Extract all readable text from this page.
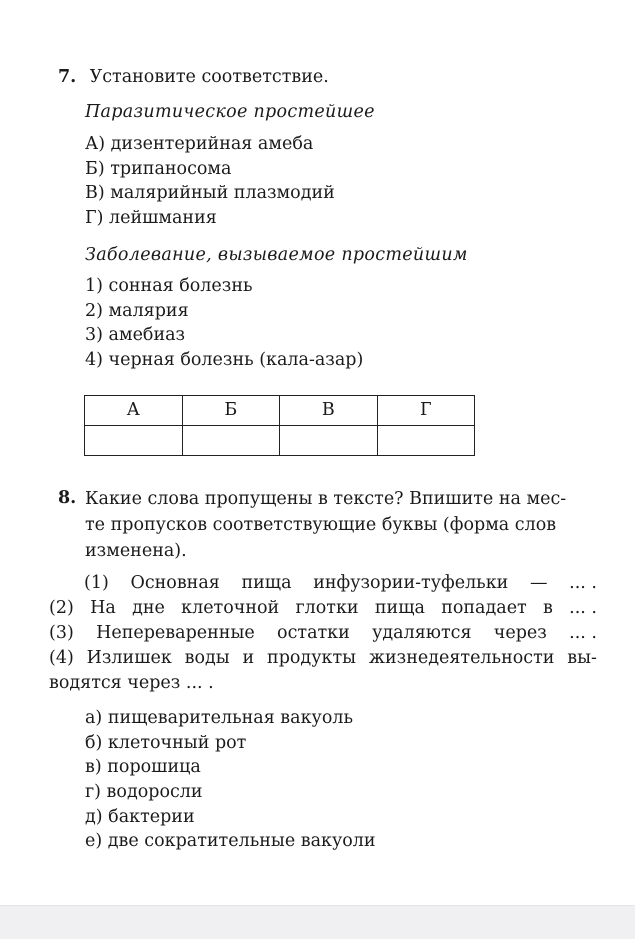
7. Установите соответствие.
Паразитическое простейшее
А) дизентерийная амеба
Б) трипаносома
В) малярийный плазмодий
Г) лейшмания
Заболевание, вызываемое простейшим
1) сонная болезнь
2) малярия
3) амебиаз
4) черная болезнь (кала-азар)
А	Б	В	Г

8. Какие слова пропущены в тексте? Впишите на мес-
те пропусков соответствующие буквы (форма слов
изменена).
(1) Основная пища инфузории-туфельки — ... .
(2) На дне клеточной глотки пища попадает в ... .
(3) Непереваренные остатки удаляются через ... .
(4) Излишек воды и продукты жизнедеятельности вы-
водятся через ... .
а) пищеварительная вакуоль
б) клеточный рот
в) порошица
г) водоросли
д) бактерии
е) две сократительные вакуоли
